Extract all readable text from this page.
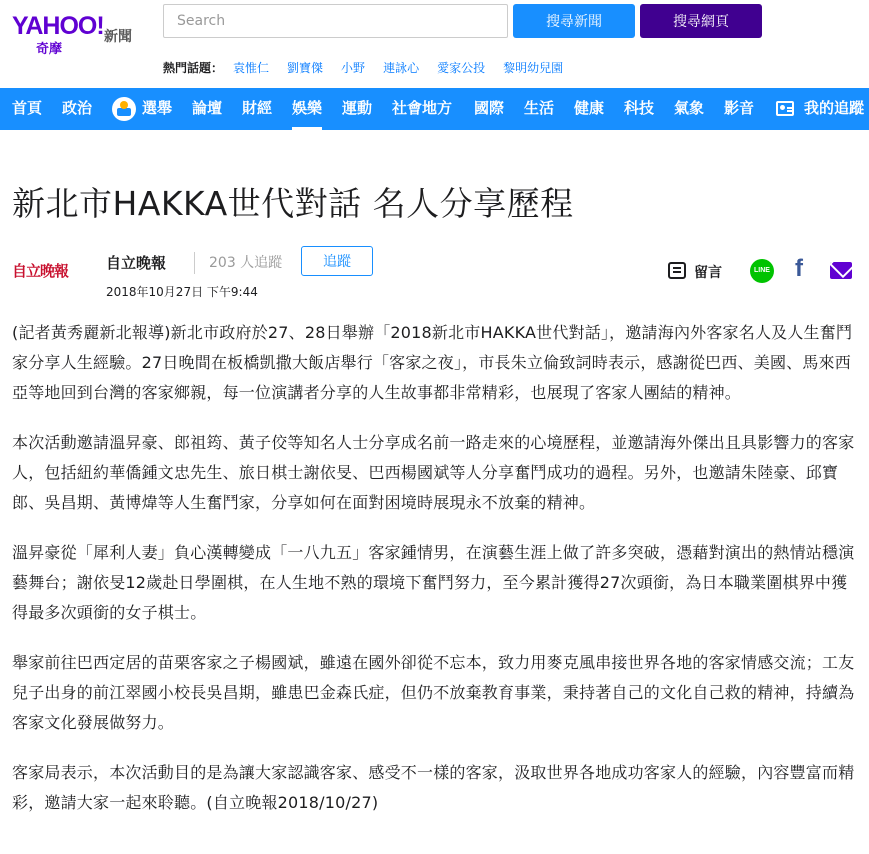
YAHOO!
奇摩
新聞
Search
搜尋新聞	搜尋網頁
熱門話題： 袁惟仁 劉寶傑 小野 連詠心 愛家公投 黎明幼兒園
首頁 政治	選舉 論壇 財經 娛樂 運動 社會地方 國際 生活 健康 科技 氣象 影音	我的追蹤
新北市HAKKA世代對話 名人分享歷程
自立晚報	自立晚報	203 人追蹤	追蹤
2018年10月27日 下午9:44
留言	LINE f

(記者黃秀麗新北報導)新北市政府於27、28日舉辦「2018新北市HAKKA世代對話」，邀請海內外客家名人及人生奮鬥家分享人生經驗。27日晚間在板橋凱撒大飯店舉行「客家之夜」，市長朱立倫致詞時表示，感謝從巴西、美國、馬來西亞等地回到台灣的客家鄉親，每一位演講者分享的人生故事都非常精彩，也展現了客家人團結的精神。

本次活動邀請溫昇豪、郎祖筠、黃子佼等知名人士分享成名前一路走來的心境歷程，並邀請海外傑出且具影響力的客家人，包括紐約華僑鍾文忠先生、旅日棋士謝依旻、巴西楊國斌等人分享奮鬥成功的過程。另外，也邀請朱陸豪、邱寶郎、吳昌期、黃博煒等人生奮鬥家，分享如何在面對困境時展現永不放棄的精神。

溫昇豪從「犀利人妻」負心漢轉變成「一八九五」客家鍾情男，在演藝生涯上做了許多突破，憑藉對演出的熱情站穩演藝舞台；謝依旻12歲赴日學圍棋，在人生地不熟的環境下奮鬥努力，至今累計獲得27次頭銜，為日本職業圍棋界中獲得最多次頭銜的女子棋士。

舉家前往巴西定居的苗栗客家之子楊國斌，雖遠在國外卻從不忘本，致力用麥克風串接世界各地的客家情感交流；工友兒子出身的前江翠國小校長吳昌期，雖患巴金森氏症，但仍不放棄教育事業，秉持著自己的文化自己救的精神，持續為客家文化發展做努力。

客家局表示，本次活動目的是為讓大家認識客家、感受不一樣的客家，汲取世界各地成功客家人的經驗，內容豐富而精彩，邀請大家一起來聆聽。(自立晚報2018/10/27)
